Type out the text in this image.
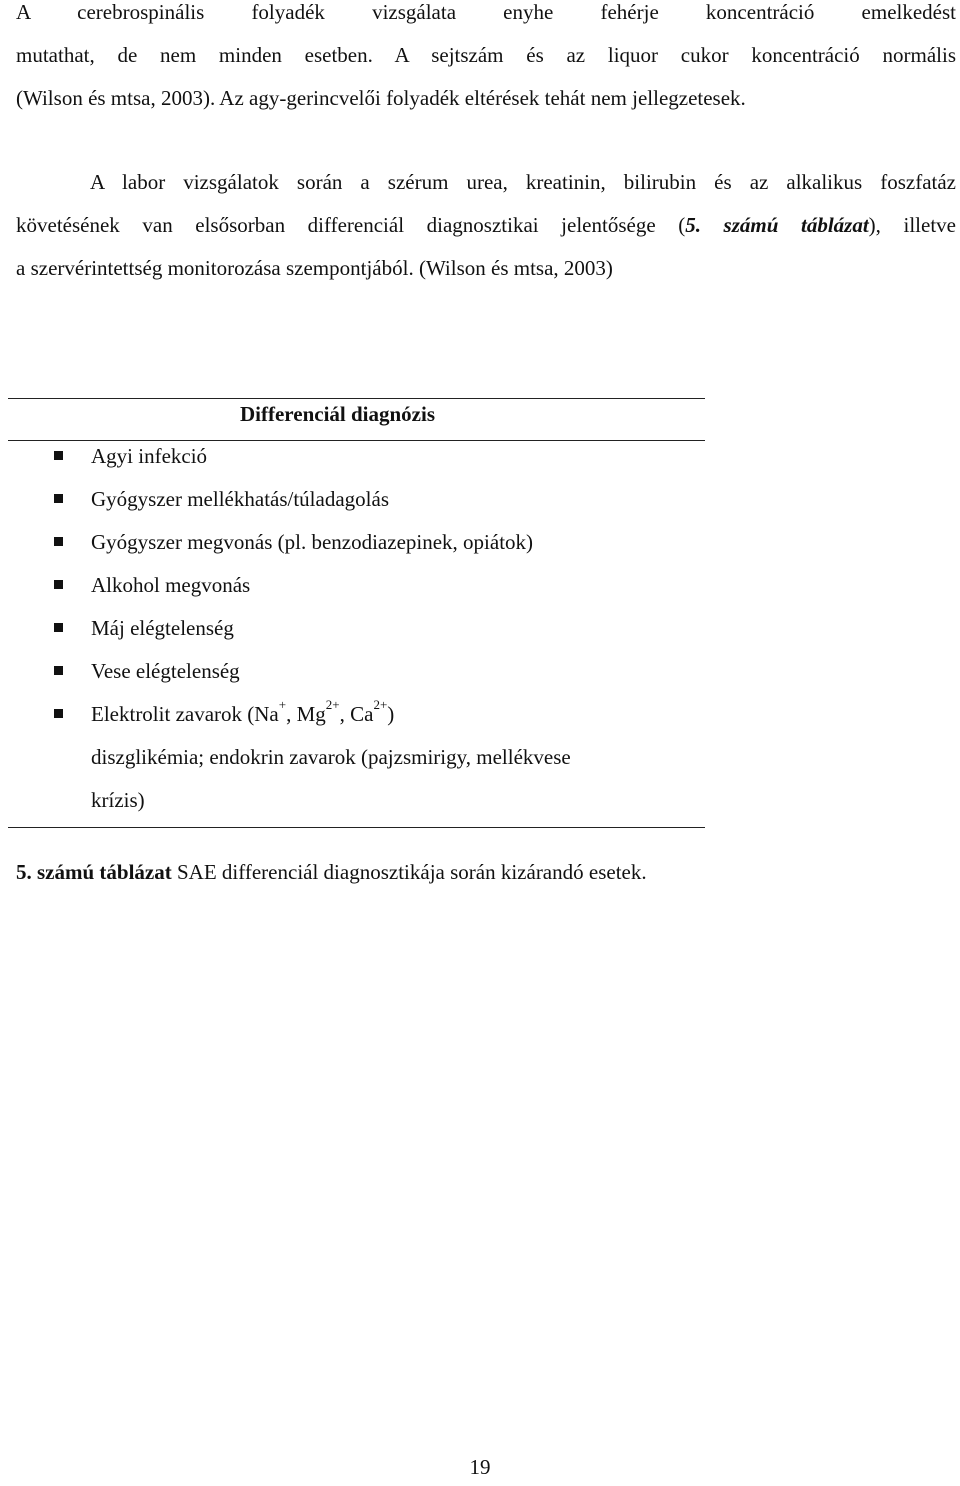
A cerebrospinális folyadék vizsgálata enyhe fehérje koncentráció emelkedést
mutathat, de nem minden esetben. A sejtszám és az liquor cukor koncentráció normális
(Wilson és mtsa, 2003). Az agy-gerincvelői folyadék eltérések tehát nem jellegzetesek.

A labor vizsgálatok során a szérum urea, kreatinin, bilirubin és az alkalikus foszfatáz
követésének van elsősorban differenciál diagnosztikai jelentősége (5. számú táblázat), illetve
a szervérintettség monitorozása szempontjából. (Wilson és mtsa, 2003)

Differenciál diagnózis
Agyi infekció
Gyógyszer mellékhatás/túladagolás
Gyógyszer megvonás (pl. benzodiazepinek, opiátok)
Alkohol megvonás
Máj elégtelenség
Vese elégtelenség
Elektrolit zavarok (Na+, $Mg^{2+}$, $Ca^{2+}$)
diszglikémia; endokrin zavarok (pajzsmirigy, mellékvese
krízis)
5. számú táblázat SAE differenciál diagnosztikája során kizárandó esetek.
19
